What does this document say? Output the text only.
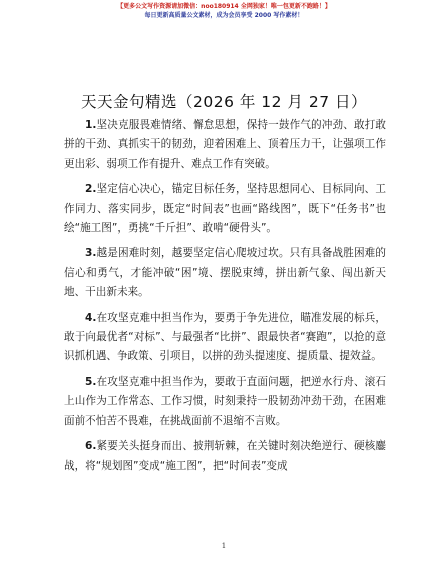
【更多公文写作资源请加微信：noo180914 全网独家！唯一包更新不跑路！】
每日更新高质量公文素材，成为会员享受 2000 写作素材！
天天金句精选（2026 年 12 月 27 日）

1.坚决克服畏难情绪、懈怠思想，保持一鼓作气的冲劲、敢打敢拼的干劲、真抓实干的韧劲，迎着困难上、顶着压力干，让强项工作更出彩、弱项工作有提升、难点工作有突破。

2.坚定信心决心，锚定目标任务，坚持思想同心、目标同向、工作同力、落实同步，既定“时间表”也画“路线图”，既下“任务书”也绘“施工图”，勇挑“千斤担”、敢啃“硬骨头”。

3.越是困难时刻，越要坚定信心爬坡过坎。只有具备战胜困难的信心和勇气，才能冲破“困”境、摆脱束缚，拼出新气象、闯出新天地、干出新未来。

4.在攻坚克难中担当作为，要勇于争先进位，瞄准发展的标兵，敢于向最优者“对标”、与最强者“比拼”、跟最快者“赛跑”，以抢的意识抓机遇、争政策、引项目，以拼的劲头提速度、提质量、提效益。

5.在攻坚克难中担当作为，要敢于直面问题，把逆水行舟、滚石上山作为工作常态、工作习惯，时刻秉持一股韧劲冲劲干劲，在困难面前不怕苦不畏难，在挑战面前不退缩不言败。

6.紧要关头挺身而出、披荆斩棘，在关键时刻决绝逆行、硬核鏖战，将“规划图”变成“施工图”，把“时间表”变成

1
